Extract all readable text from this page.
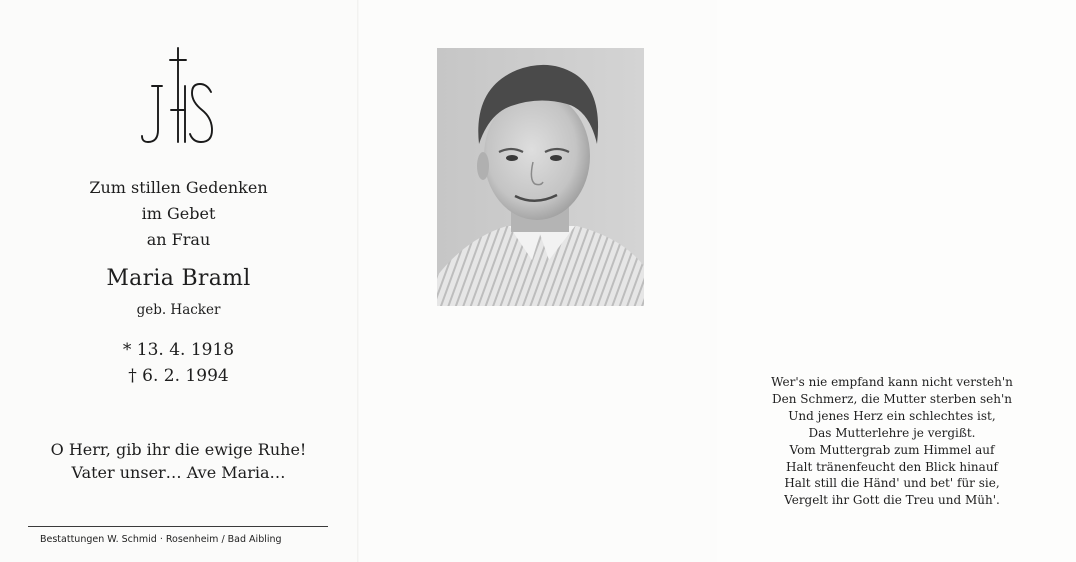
Zum stillen Gedenken
im Gebet
an Frau
Maria Braml
geb. Hacker
* 13. 4. 1918
† 6. 2. 1994
O Herr, gib ihr die ewige Ruhe!
Vater unser… Ave Maria…
Bestattungen W. Schmid · Rosenheim / Bad Aibling
Wer's nie empfand kann nicht versteh'n
Den Schmerz, die Mutter sterben seh'n
Und jenes Herz ein schlechtes ist,
Das Mutterlehre je vergißt.
Vom Muttergrab zum Himmel auf
Halt tränenfeucht den Blick hinauf
Halt still die Händ' und bet' für sie,
Vergelt ihr Gott die Treu und Müh'.
